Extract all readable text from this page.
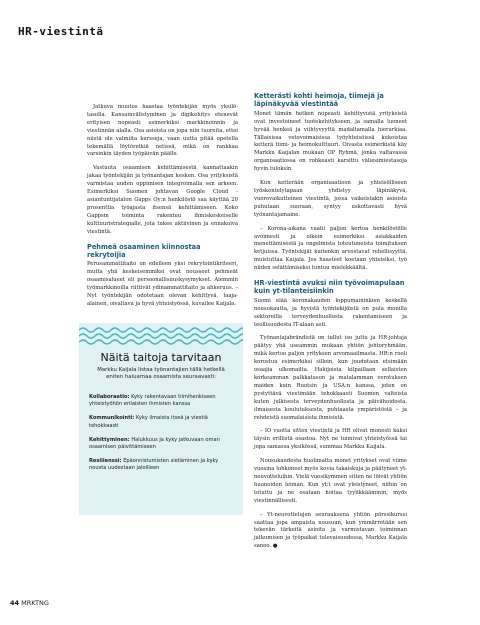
HR-viestintä

Jatkuva muutos haastaa työntekijän myös yksilö-tasolla. Kansainvälistyminen ja digikehitys etenevät erityisen nopeasti esimerkiksi markkinoinnin ja viestinnän alalla. Osa asioista on jopa niin tuoreita, ettei niistä ole valmiita kursseja, vaan uutta pitää opetella tekemällä löytöretkiä netissä, mikä on rankkaa varsinkin täyden työpäivän päälle.

Vastuuta osaamisen kehittämisestä kannattaakin jakaa työntekijän ja työnantajan kesken. Osa yrityksistä varmistaa uuden oppimisen integroimalla sen arkeen. Esimerkiksi Suomen johtavan Google Cloud -asiantuntijatalon Gapps Oy:n henkilöstö saa käyttää 20 prosenttia työajasta itsensä kehittämiseen. Koko Gappsin toiminta rakentuu ihmiskeskeiselle kulttuuristrategialle, jota tukee aktiivinen ja ennakoiva viestintä.

Pehmeä osaaminen kiinnostaa rekrytoijia

Perusammattitaito on edelleen yksi rekrytointikriteeri, mutta yhä keskeisemmiksi ovat nousseet pehmeät osaamisalueet eli persoonallisuuskysymykset. Aiemmin työmarkkinoilla riittivät ydinammattitaito ja ahkeruus. – Nyt työntekijän odotetaan olevan kehittyvä, laaja-alainen, oivaltava ja hyvä yhteistyössä, kuvailee Kaijala.

Näitä taitoja tarvitaan
Markku Kaijala listaa työnantajien tällä hetkellä eniten haluamaa osaamista seuraavasti:
Kollaboraatio: Kyky rakentavaan tiimihenkiseen yhteistyöhön erilaisten ihmisten kanssa
Kommunikointi: Kyky ilmaista itseä ja viestiä tehokkaasti
Kehittyminen: Halukkuus ja kyky jatkuvaan oman osaamisen päivittämiseen
Resilienssi: Epäonnistumisten sietäminen ja kyky nousta uudestaan jaloilleen
Ketterästi kohti heimoja, tiimejä ja läpinäkyvää viestintää

Monet tämän hetken nopeasti kehittyvistä yrityksistä ovat investoineet tuotekehitykseen, ja samalla luoneet hyvää henkeä ja viihtyvyyttä madaltamalla hierarkiaa. Tällaisissa vetovoimaisissa työyhteisöissä kukoistaa ketterä tiimi- ja heimokulttuuri. Oivasta esimerkistä käy Markku Kaijalan mukaan OP Ryhmä, jonka valtavassa organisaatiossa on rohkeasti karsittu väliesimiestasoja hyvin tuloksin.

Kun ketterään organisaatioon ja yhteisölliseen työskentelytapaan yhdistyy läpinäkyvä, vuorovaikutteinen viestintä, jossa vaikeistakin asioista puhutaan suoraan, syntyy uskottavasti hyvä työnantajamaine.

– Korona-aikana vaatii paljon kertoa henkilöstölle avoimesti ja oikein esimerkiksi asiakkaiden menettämisestä ja ongelmista toteutuneista toimituksen ketjuissa. Työntekijät kuitenkin arvostavat rehellisyyttä, muistuttaa Kaijala. Jos haasteet koetaan yhteisiksi, työ niiden selättämiseksi tuntuu mielekkäältä.

HR-viestintä avuksi niin työvoimapulaan kuin yt-tilanteisiinkin

Suomi elää koronakauden loppumaininkien keskellä nousukautta, ja hyvistä työntekijöistä on pula monilla sektoreilla terveydenhuollosta rakentamiseen ja teollisuudesta IT-alaan asti.

Työnantajabrändistä on tullut iso juttu ja HR-johtaja päätyy yhä useammin mukaan yhtiön johtoryhmään, mikä kertoo paljon yrityksen arvomaailmasta. HR:n rooli korostuu esimerkiksi silloin, kun joudutaan etsimään osaajia ulkomailta. Hakijoista kilpaillaan sellaisten korkeamman palkkatason ja matalamman verotuksen maiden kuin Ruotsin ja USA:n kanssa, joten on pystyttävä viestimään tehokkaasti Suomen valteista kuten julkisesta terveydenhuollosta ja päivähoidosta, ilmaisesta koulutuksesta, puhtaasta ympäristöstä – ja rehdeistä suomalaisista ihmisistä.

– IO vuotta sitten viestintä ja HR olivat monesti kaksi täysin erillistä osastoa. Nyt ne toimivat yhteistyössä tai jopa samassa yksikössä, summaa Markku Kaijala.

Nousukaudesta huolimatta monet yritykset ovat viime vuosina lohkoneet myös kovia takaiskuja ja päätyneet yt-neuvotteluihin. Vielä vuosikymmen sitten ne löivät yhtiön huonoiden leiman. Kun yt:t ovat yleistyneet, niihin on totuttu ja ne osataan hoitaa tyylikkäämmin, myös viestinnällisesti.

– Yt-neuvottelujen seurauksena yhtiön pörssikurssi saattaa jopa ampaista nousuun, kun ymmärretään sen tekevän tärkeitä asioita ja varmistavan toiminnan jatkumisen ja työpaikat tulevaisuudessa, Markku Kaijala sanoo. ●

44 MRKTNG
